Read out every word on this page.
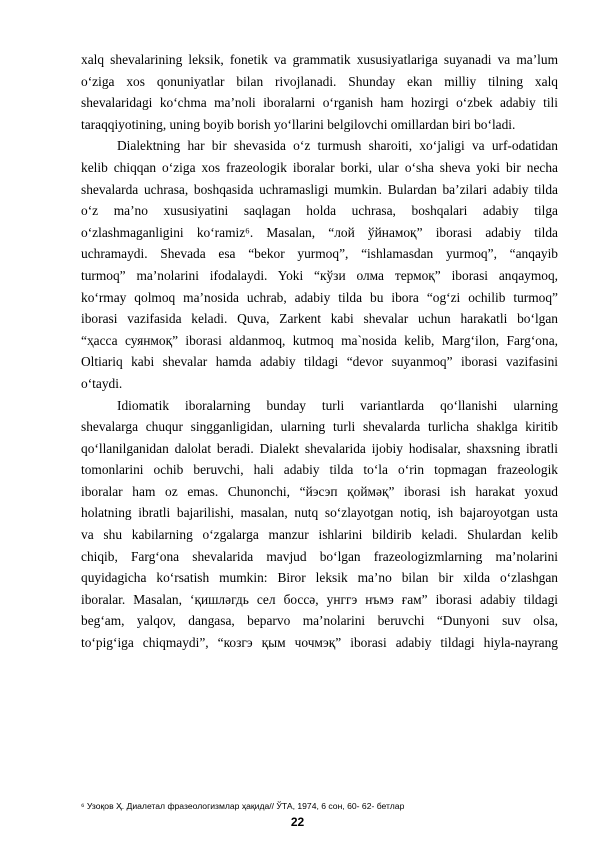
xalq shevalarining leksik, fonetik va grammatik xususiyatlariga suyanadi va ma’lum
o‘ziga xos qonuniyatlar bilan rivojlanadi. Shunday ekan milliy tilning xalq
shevalaridagi ko‘chma ma’noli iboralarni o‘rganish ham hozirgi o‘zbek adabiy tili
taraqqiyotining, uning boyib borish yo‘llarini belgilovchi omillardan biri bo‘ladi.
Dialektning har bir shevasida o‘z turmush sharoiti, xo‘jaligi va urf-odatidan
kelib chiqqan o‘ziga xos frazeologik iboralar borki, ular o‘sha sheva yoki bir necha
shevalarda uchrasa, boshqasida uchramasligi mumkin. Bulardan ba’zilari adabiy tilda
o‘z ma’no xususiyatini saqlagan holda uchrasa, boshqalari adabiy tilga
o‘zlashmaganligini ko‘ramiz⁶. Masalan, “лой ўйнамоқ” iborasi adabiy tilda
uchramaydi. Shevada esa “bekor yurmoq”, “ishlamasdan yurmoq”, “anqayib
turmoq” ma’nolarini ifodalaydi. Yoki “кўзи олма термоқ” iborasi anqaymoq,
ko‘rmay qolmoq ma’nosida uchrab, adabiy tilda bu ibora “og‘zi ochilib turmoq”
iborasi vazifasida keladi. Quva, Zarkent kabi shevalar uchun harakatli bo‘lgan
“ҳасса суянмоқ” iborasi aldanmoq, kutmoq ma`nosida kelib, Marg‘ilon, Farg‘ona,
Oltiariq kabi shevalar hamda adabiy tildagi “devor suyanmoq” iborasi vazifasini
o‘taydi.
Idiomatik iboralarning bunday turli variantlarda qo‘llanishi ularning
shevalarga chuqur singganligidan, ularning turli shevalarda turlicha shaklga kiritib
qo‘llanilganidan dalolat beradi. Dialekt shevalarida ijobiy hodisalar, shaxsning ibratli
tomonlarini ochib beruvchi, hali adabiy tilda to‘la o‘rin topmagan frazeologik
iboralar ham oz emas. Chunonchi, “йэсэп қоймәқ” iborasi ish harakat yoxud
holatning ibratli bajarilishi, masalan, nutq so‘zlayotgan notiq, ish bajaroyotgan usta
va shu kabilarning o‘zgalarga manzur ishlarini bildirib keladi. Shulardan kelib
chiqib, Farg‘ona shevalarida mavjud bo‘lgan frazeologizmlarning ma’nolarini
quyidagicha ko‘rsatish mumkin: Biror leksik ma’no bilan bir xilda o‘zlashgan
iboralar. Masalan, ‘қишләгдь сел боссә, унггэ нъмэ ғам” iborasi adabiy tildagi
beg‘am, yalqov, dangasa, beparvo ma’nolarini beruvchi “Dunyoni suv olsa,
to‘pig‘iga chiqmaydi”, “козгэ қым чочмэқ” iborasi adabiy tildagi hiyla-nayrang
⁶ Узоқов Ҳ. Диалетал фразеологизмлар ҳақида// ЎТА, 1974, 6 сон, 60- 62- бетлар
22
